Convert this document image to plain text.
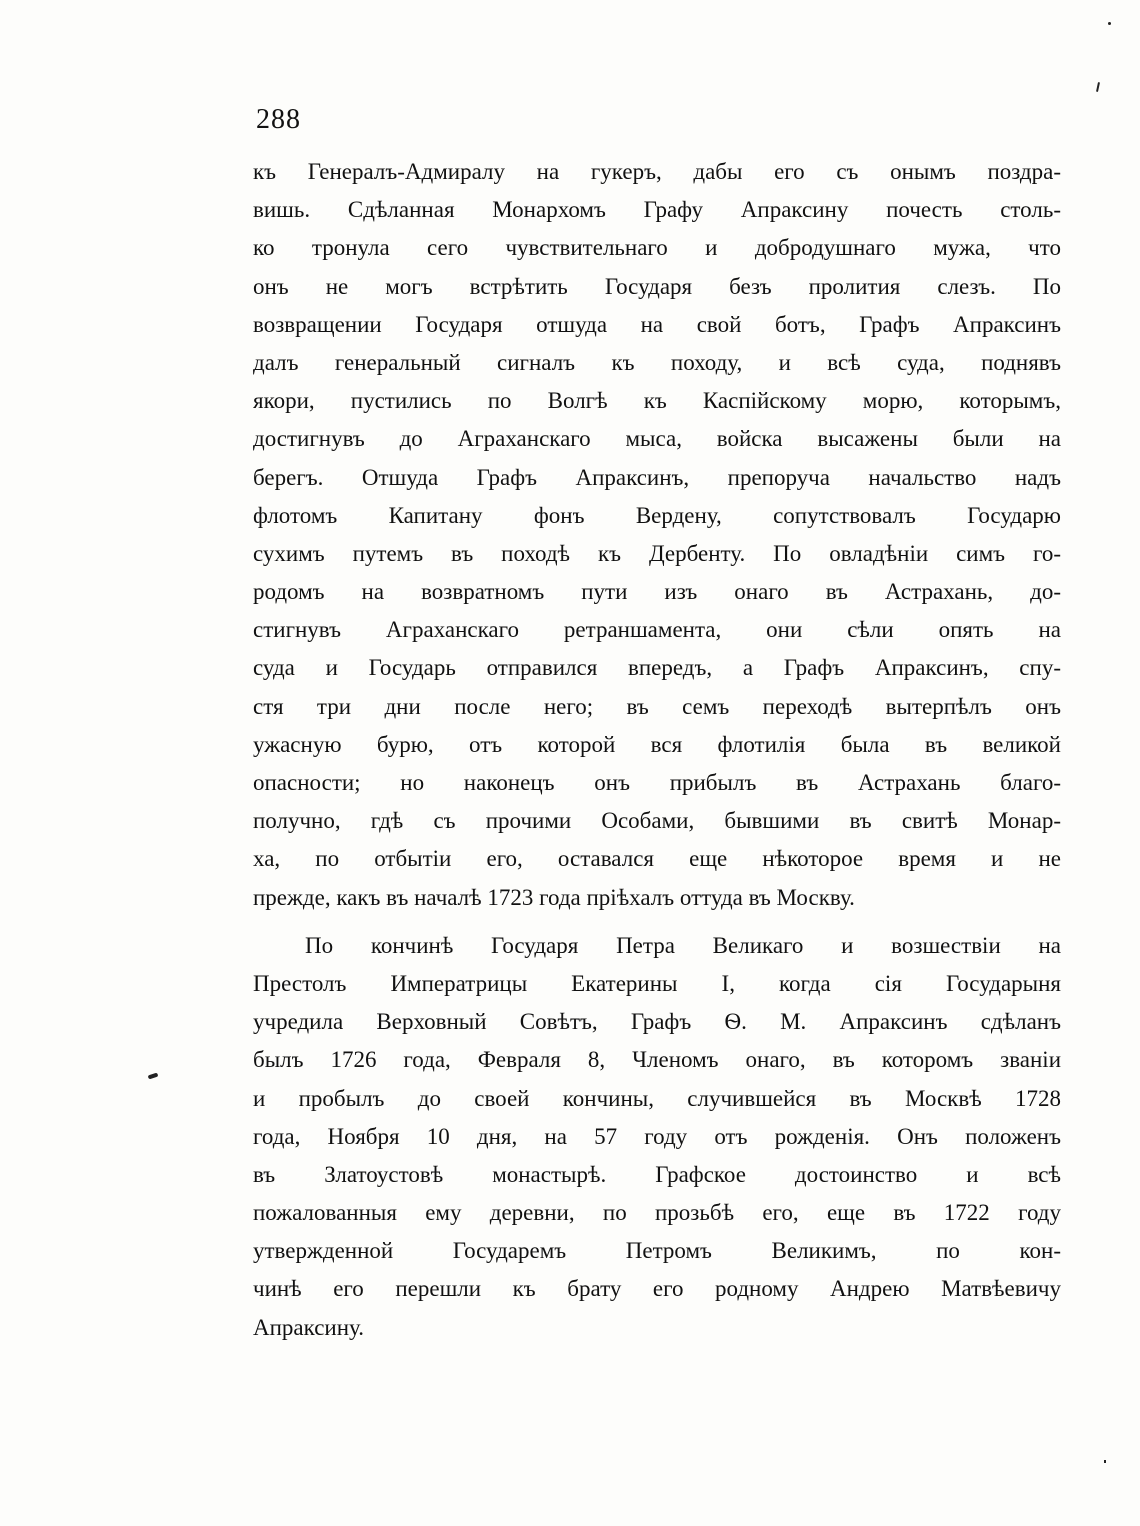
288
къ Генералъ-Адмиралу на гукеръ, дабы его съ онымъ поздра-
вишь. Сдѣланная Монархомъ Графу Апраксину почесть столь-
ко тронула сего чувствительнаго и добродушнаго мужа, что
онъ не могъ встрѣтить Государя безъ пролития слезъ. По
возвращении Государя отшуда на свой ботъ, Графъ Апраксинъ
далъ генеральный сигналъ къ походу, и всѣ суда, поднявъ
якори, пустились по Волгѣ къ Каспійскому морю, которымъ,
достигнувъ до Аграханскаго мыса, войска высажены были на
берегъ. Отшуда Графъ Апраксинъ, препоруча начальство надъ
флотомъ Капитану фонъ Вердену, сопутствовалъ Государю
сухимъ путемъ въ походѣ къ Дербенту. По овладѣніи симъ го-
родомъ на возвратномъ пути изъ онаго въ Астрахань, до-
стигнувъ Аграханскаго ретраншамента, они сѣли опять на
суда и Государь отправился впередъ, а Графъ Апраксинъ, спу-
стя три дни после него; въ семъ переходѣ вытерпѣлъ онъ
ужасную бурю, отъ которой вся флотилія была въ великой
опасности; но наконецъ онъ прибылъ въ Астрахань благо-
получно, гдѣ съ прочими Особами, бывшими въ свитѣ Монар-
ха, по отбытіи его, оставался еще нѣкоторое время и не
прежде, какъ въ началѣ 1723 года пріѣхалъ оттуда въ Москву.
По кончинѣ Государя Петра Великаго и возшествіи на
Престолъ Императрицы Екатерины I, когда сія Государыня
учредила Верховный Совѣтъ, Графъ Ѳ. М. Апраксинъ сдѣланъ
былъ 1726 года, Февраля 8, Членомъ онаго, въ которомъ званіи
и пробылъ до своей кончины, случившейся въ Москвѣ 1728
года, Ноября 10 дня, на 57 году отъ рожденія. Онъ положенъ
въ Златоустовѣ монастырѣ. Графское достоинство и всѣ
пожалованныя ему деревни, по прозьбѣ его, еще въ 1722 году
утвержденной Государемъ Петромъ Великимъ, по кон-
чинѣ его перешли къ брату его родному Андрею Матвѣевичу
Апраксину.
